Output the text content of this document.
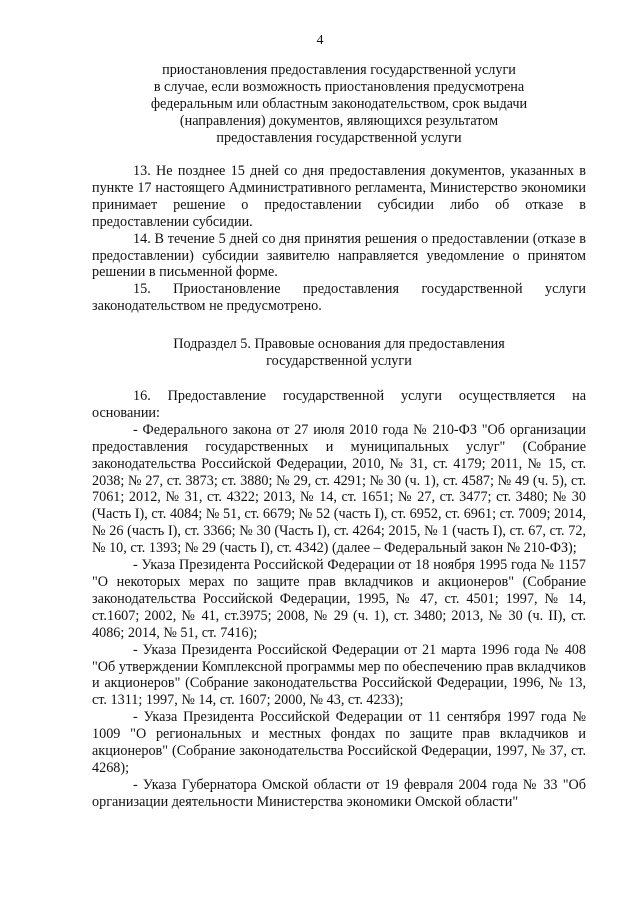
4
приостановления предоставления государственной услуги
в случае, если возможность приостановления предусмотрена
федеральным или областным законодательством, срок выдачи
(направления) документов, являющихся результатом
предоставления государственной услуги

13. Не позднее 15 дней со дня предоставления документов, указанных в пункте 17 настоящего Административного регламента, Министерство экономики принимает решение о предоставлении субсидии либо об отказе в предоставлении субсидии.

14. В течение 5 дней со дня принятия решения о предоставлении (отказе в предоставлении) субсидии заявителю направляется уведомление о принятом решении в письменной форме.

15. Приостановление предоставления государственной услуги законодательством не предусмотрено.

Подраздел 5. Правовые основания для предоставления
государственной услуги

16. Предоставление государственной услуги осуществляется на основании:

- Федерального закона от 27 июля 2010 года № 210-ФЗ "Об организации предоставления государственных и муниципальных услуг" (Собрание законодательства Российской Федерации, 2010, № 31, ст. 4179; 2011, № 15, ст. 2038; № 27, ст. 3873; ст. 3880; № 29, ст. 4291; № 30 (ч. 1), ст. 4587; № 49 (ч. 5), ст. 7061; 2012, № 31, ст. 4322; 2013, № 14, ст. 1651; № 27, ст. 3477; ст. 3480; № 30 (Часть I), ст. 4084; № 51, ст. 6679; № 52 (часть I), ст. 6952, ст. 6961; ст. 7009; 2014, № 26 (часть I), ст. 3366; № 30 (Часть I), ст. 4264; 2015, № 1 (часть I), ст. 67, ст. 72, № 10, ст. 1393; № 29 (часть I), ст. 4342) (далее – Федеральный закон № 210-ФЗ);

- Указа Президента Российской Федерации от 18 ноября 1995 года № 1157 "О некоторых мерах по защите прав вкладчиков и акционеров" (Собрание законодательства Российской Федерации, 1995, № 47, ст. 4501; 1997, № 14, ст.1607; 2002, № 41, ст.3975; 2008, № 29 (ч. 1), ст. 3480; 2013, № 30 (ч. II), ст. 4086; 2014, № 51, ст. 7416);

- Указа Президента Российской Федерации от 21 марта 1996 года № 408 "Об утверждении Комплексной программы мер по обеспечению прав вкладчиков и акционеров" (Собрание законодательства Российской Федерации, 1996, № 13, ст. 1311; 1997, № 14, ст. 1607; 2000, № 43, ст. 4233);

- Указа Президента Российской Федерации от 11 сентября 1997 года № 1009 "О региональных и местных фондах по защите прав вкладчиков и акционеров" (Собрание законодательства Российской Федерации, 1997, № 37, ст. 4268);

- Указа Губернатора Омской области от 19 февраля 2004 года № 33 "Об организации деятельности Министерства экономики Омской области"
